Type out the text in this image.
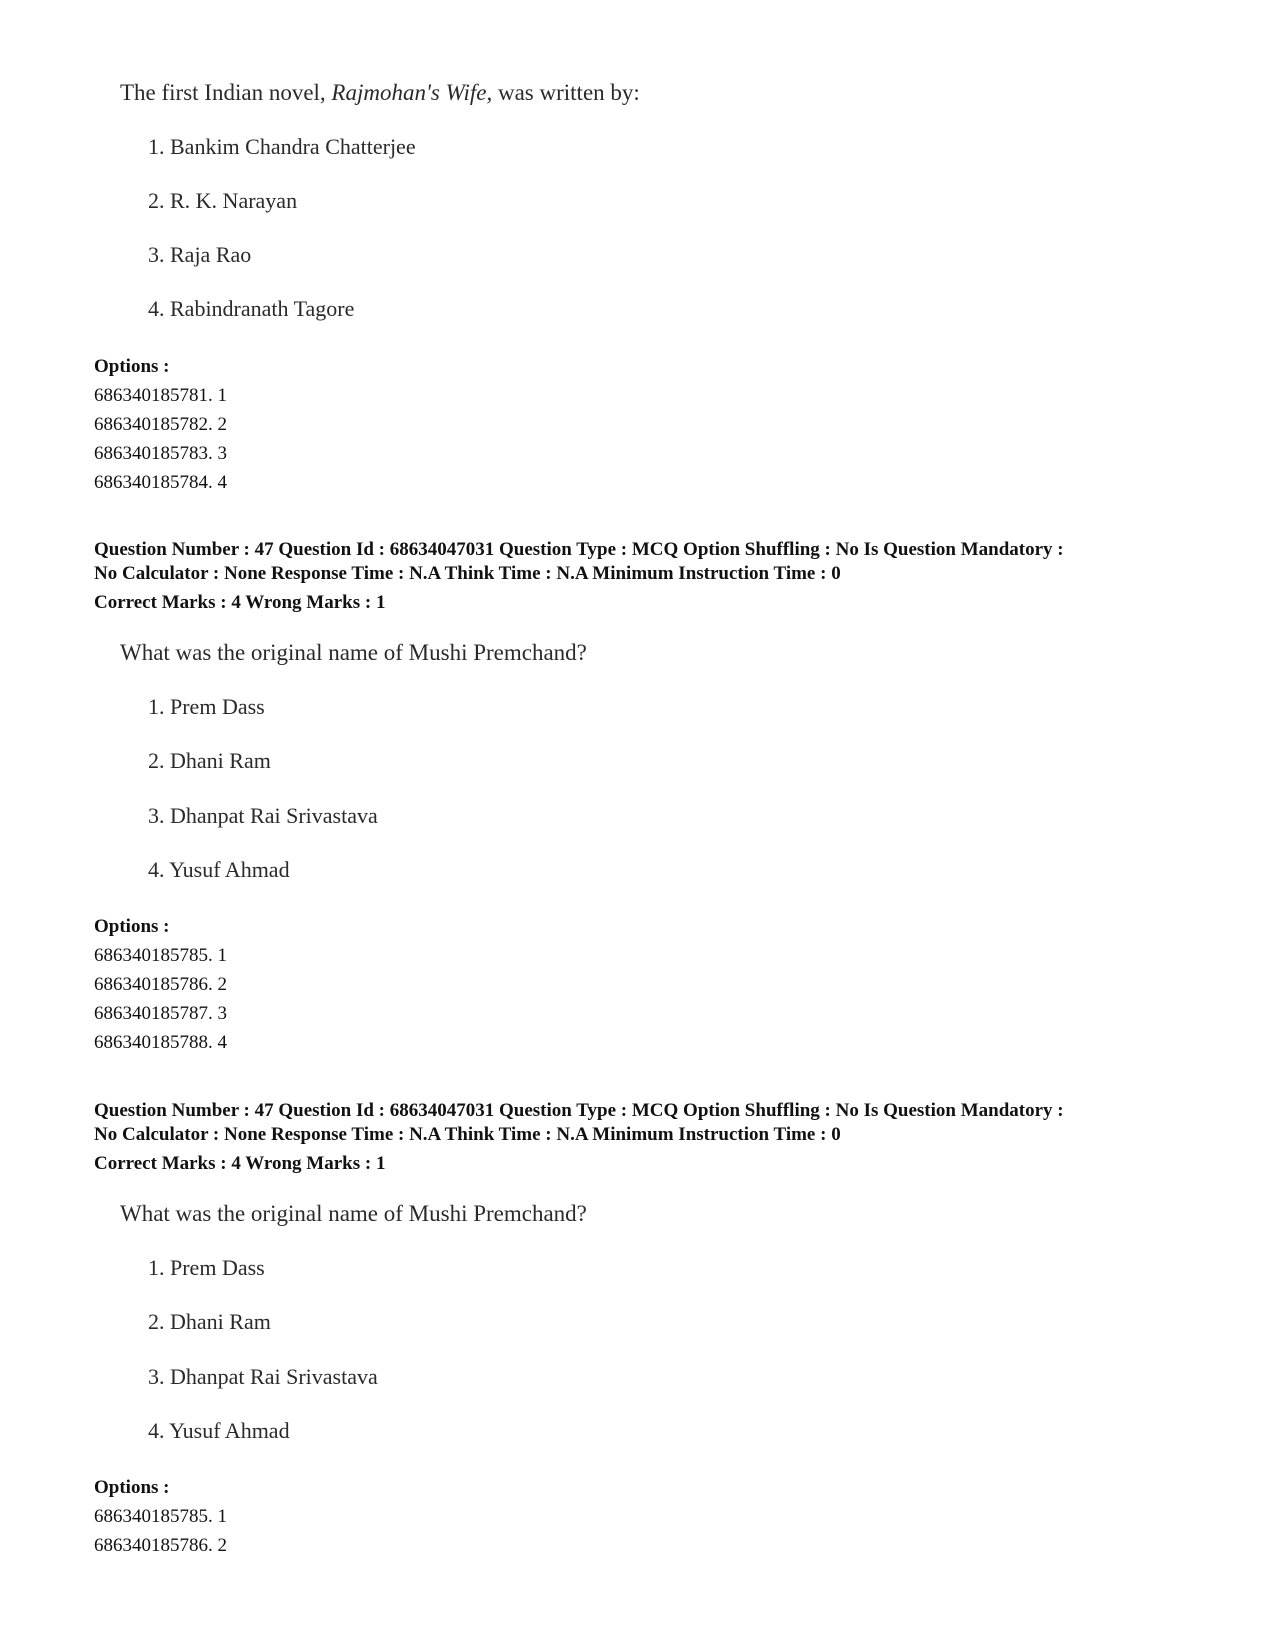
The first Indian novel, Rajmohan's Wife, was written by:
1. Bankim Chandra Chatterjee
2. R. K. Narayan
3. Raja Rao
4. Rabindranath Tagore
Options :
686340185781. 1
686340185782. 2
686340185783. 3
686340185784. 4
Question Number : 47 Question Id : 68634047031 Question Type : MCQ Option Shuffling : No Is Question Mandatory :
No Calculator : None Response Time : N.A Think Time : N.A Minimum Instruction Time : 0
Correct Marks : 4 Wrong Marks : 1
What was the original name of Mushi Premchand?
1. Prem Dass
2. Dhani Ram
3. Dhanpat Rai Srivastava
4. Yusuf Ahmad
Options :
686340185785. 1
686340185786. 2
686340185787. 3
686340185788. 4
Question Number : 47 Question Id : 68634047031 Question Type : MCQ Option Shuffling : No Is Question Mandatory :
No Calculator : None Response Time : N.A Think Time : N.A Minimum Instruction Time : 0
Correct Marks : 4 Wrong Marks : 1
What was the original name of Mushi Premchand?
1. Prem Dass
2. Dhani Ram
3. Dhanpat Rai Srivastava
4. Yusuf Ahmad
Options :
686340185785. 1
686340185786. 2
